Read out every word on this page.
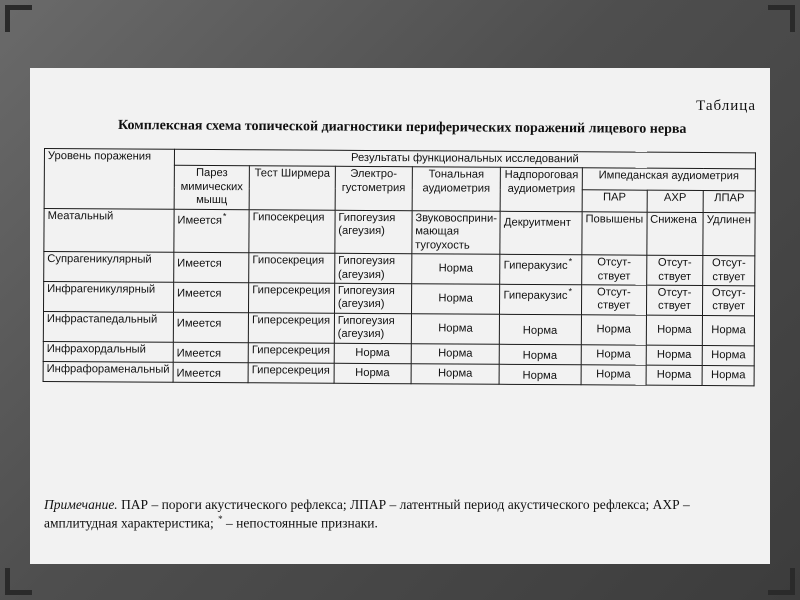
Таблица
Комплексная схема топической диагностики периферических поражений лицевого нерва
Уровень поражения	Результаты функциональных исследований							
	Парез мимических мышц	Тест Ширмера	Электро-густометрия	Тональная аудиометрия	Надпороговая аудиометрия	Импеданская аудиометрия		
						ПАР	АХР	ЛПАР
Меатальный	Имеется*	Гипосекреция	Гипогеузия (агеузия)	Звуковосприни-мающая тугоухость	Декруитмент	Повышены	Снижена	Удлинен
Супрагеникулярный	Имеется	Гипосекреция	Гипогеузия (агеузия)	Норма	Гиперакузис*	Отсут-ствует	Отсут-ствует	Отсут-ствует
Инфрагеникулярный	Имеется	Гиперсекреция	Гипогеузия (агеузия)	Норма	Гиперакузис*	Отсут-ствует	Отсут-ствует	Отсут-ствует
Инфрастапедальный	Имеется	Гиперсекреция	Гипогеузия (агеузия)	Норма	Норма	Норма	Норма	Норма
Инфрахордальный	Имеется	Гиперсекреция	Норма	Норма	Норма	Норма	Норма	Норма
Инфрафораменальный	Имеется	Гиперсекреция	Норма	Норма	Норма	Норма	Норма	Норма
Примечание. ПАР – пороги акустического рефлекса; ЛПАР – латентный период акустического рефлекса; АХР – амплитудная характеристика; * – непостоянные признаки.
